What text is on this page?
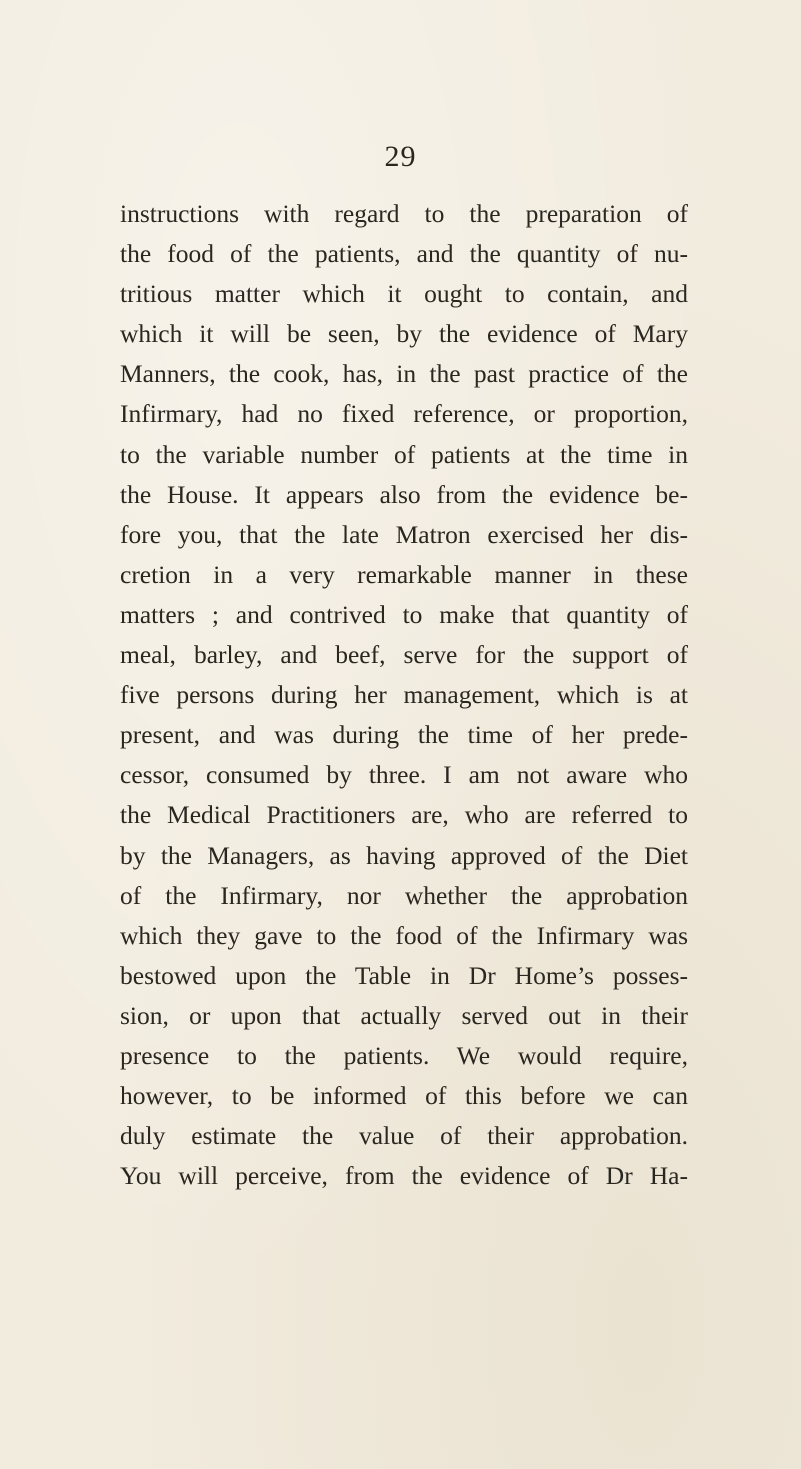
29
instructions with regard to the preparation of
the food of the patients, and the quantity of nu-
tritious matter which it ought to contain, and
which it will be seen, by the evidence of Mary
Manners, the cook, has, in the past practice of the
Infirmary, had no fixed reference, or proportion,
to the variable number of patients at the time in
the House. It appears also from the evidence be-
fore you, that the late Matron exercised her dis-
cretion in a very remarkable manner in these
matters ; and contrived to make that quantity of
meal, barley, and beef, serve for the support of
five persons during her management, which is at
present, and was during the time of her prede-
cessor, consumed by three. I am not aware who
the Medical Practitioners are, who are referred to
by the Managers, as having approved of the Diet
of the Infirmary, nor whether the approbation
which they gave to the food of the Infirmary was
bestowed upon the Table in Dr Home’s posses-
sion, or upon that actually served out in their
presence to the patients. We would require,
however, to be informed of this before we can
duly estimate the value of their approbation.
You will perceive, from the evidence of Dr Ha-
